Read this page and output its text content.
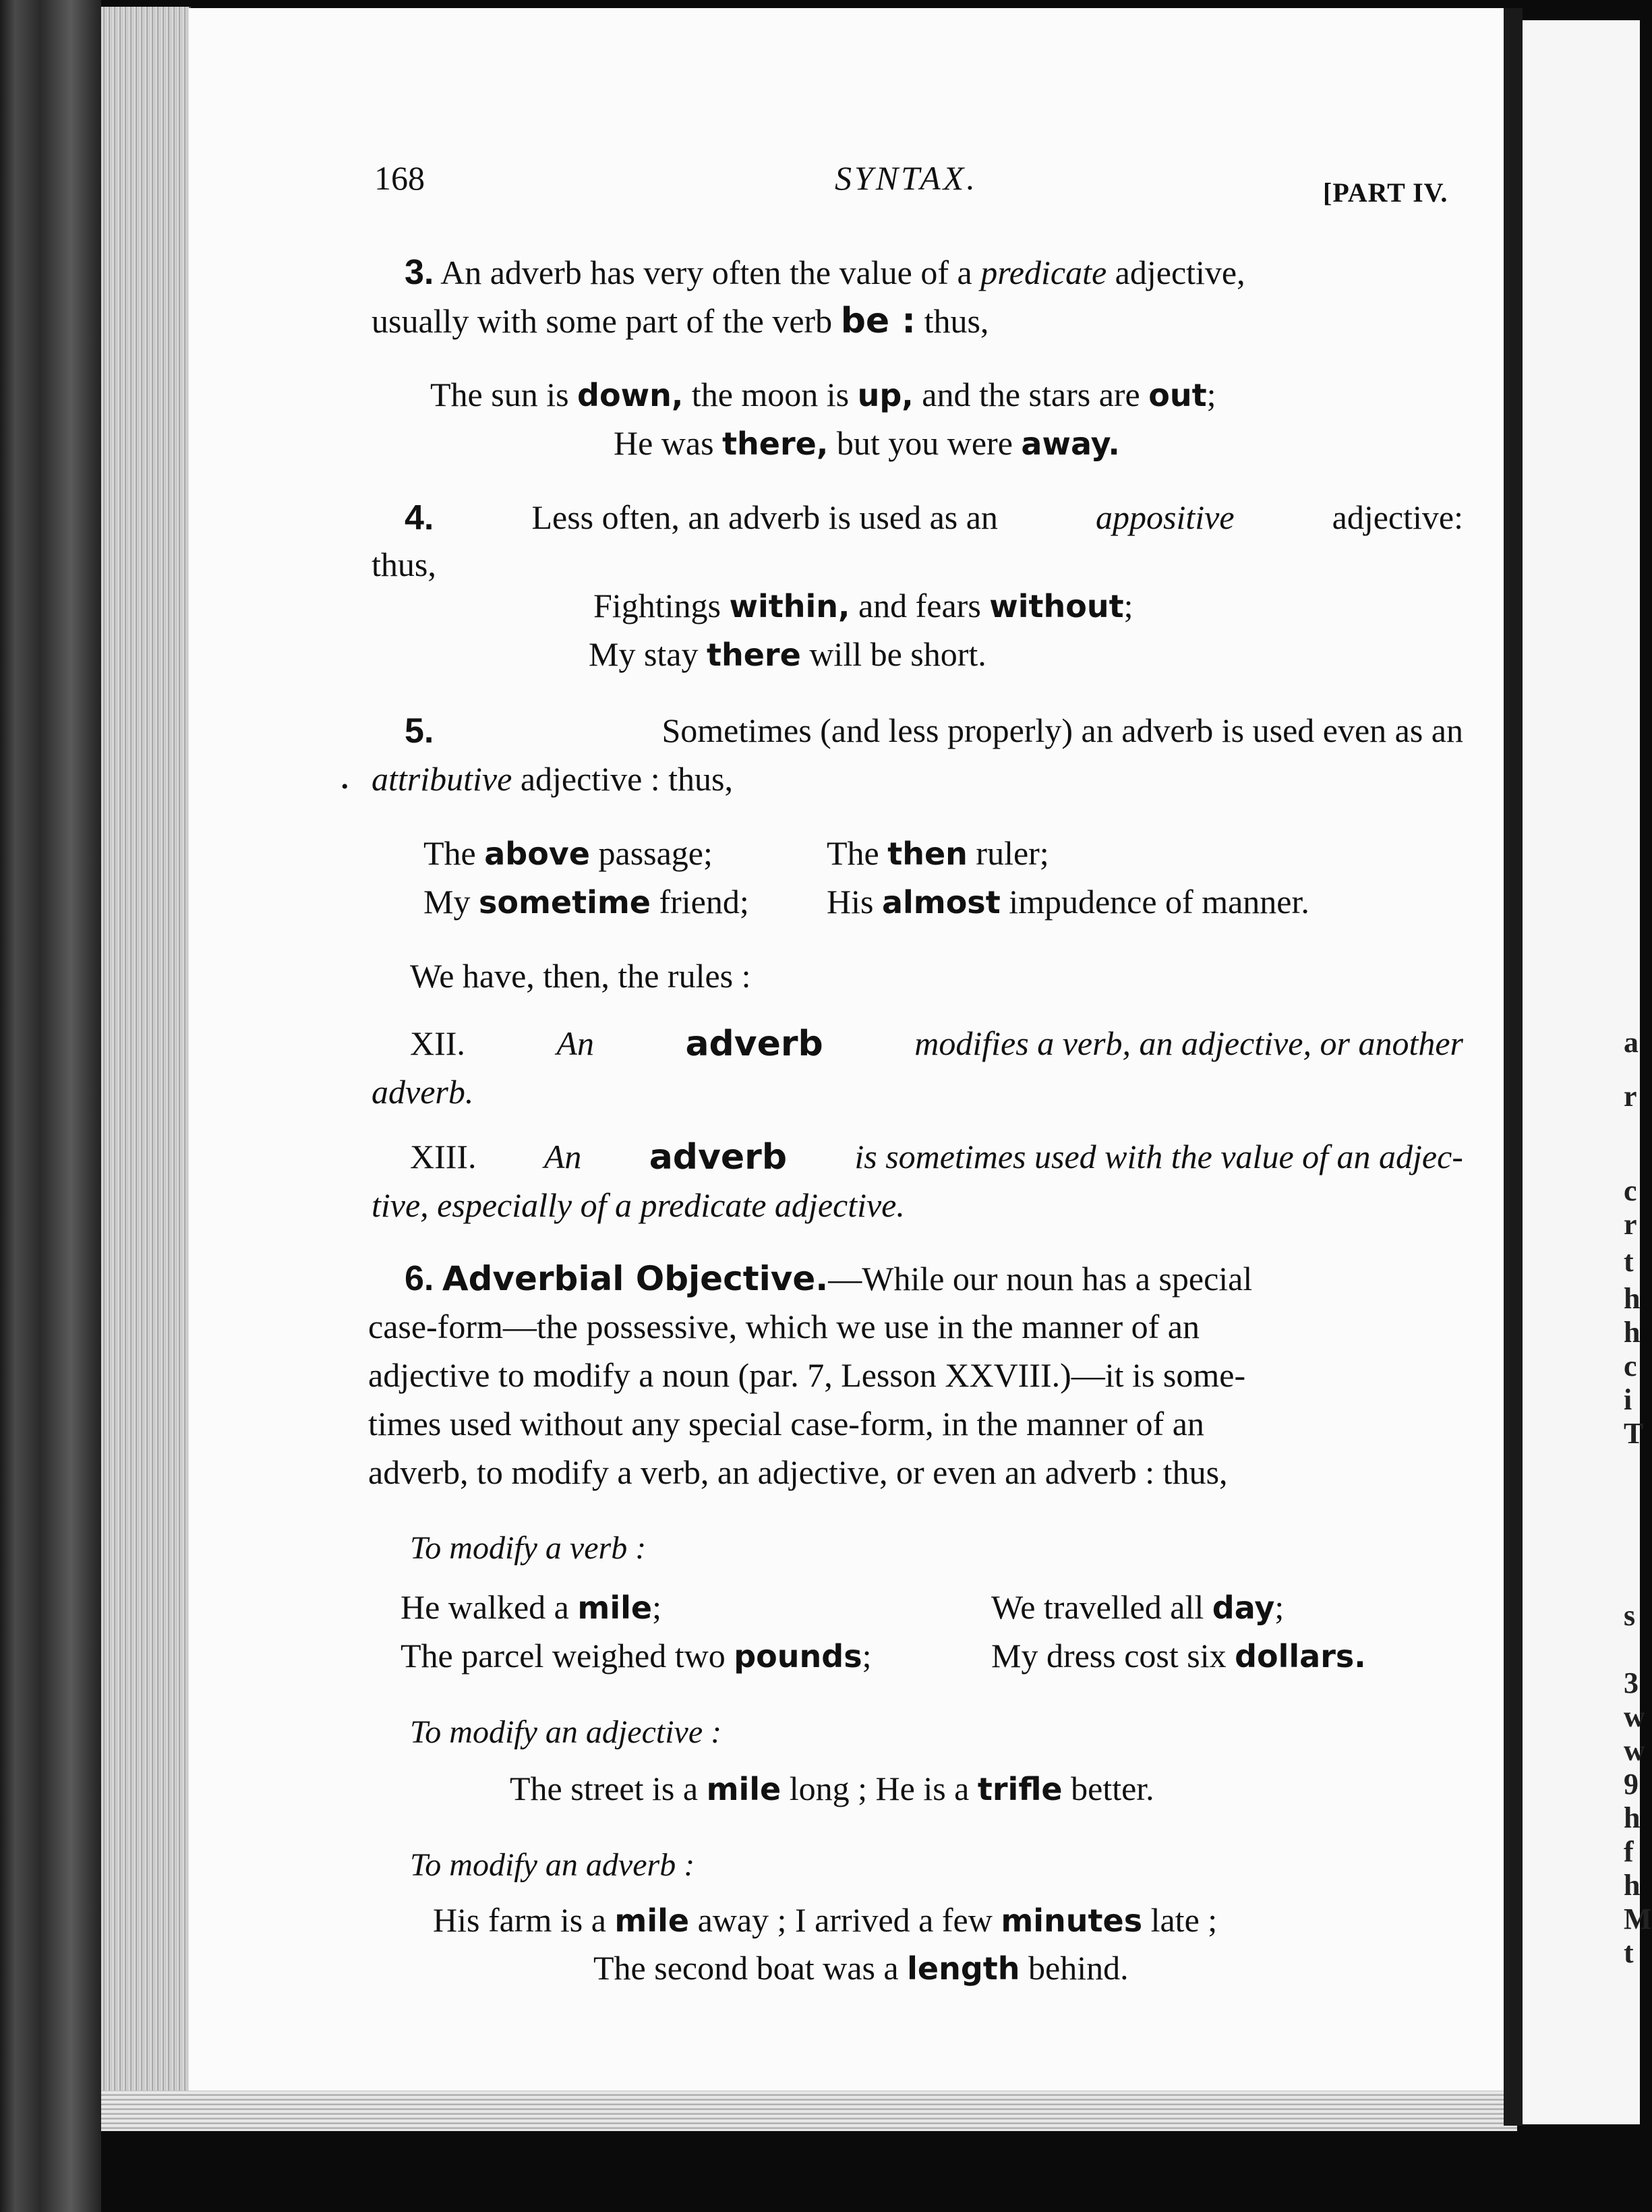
a
r
c
r
t
h
h
c
i
T
s
3
w
w
9
h
f
h
M
t
168	SYNTAX.	[PART IV.
3. An adverb has very often the value of a predicate adjective,
usually with some part of the verb be : thus,
The sun is down, the moon is up, and the stars are out;
He was there, but you were away.
4.	Less often, an adverb is used as an	appositive	adjective:
thus,
Fightings within, and fears without;
My stay there will be short.
5.	Sometimes (and less properly) an adverb is used even as an
• attributive adjective : thus,
The above passage;	The then ruler;
My sometime friend; His almost impudence of manner.
We have, then, the rules :
XII.	An	adverb	modifies a verb, an adjective, or another
adverb.
XIII. An adverb is sometimes used with the value of an adjec-
tive, especially of a predicate adjective.
6. Adverbial Objective.—While our noun has a special
case-form—the possessive, which we use in the manner of an
adjective to modify a noun (par. 7, Lesson XXVIII.)—it is some-
times used without any special case-form, in the manner of an
adverb, to modify a verb, an adjective, or even an adverb : thus,
To modify a verb :
He walked a mile;	We travelled all day;
The parcel weighed two pounds;	My dress cost six dollars.
To modify an adjective :
The street is a mile long ; He is a trifle better.
To modify an adverb :
His farm is a mile away ; I arrived a few minutes late ;
The second boat was a length behind.
